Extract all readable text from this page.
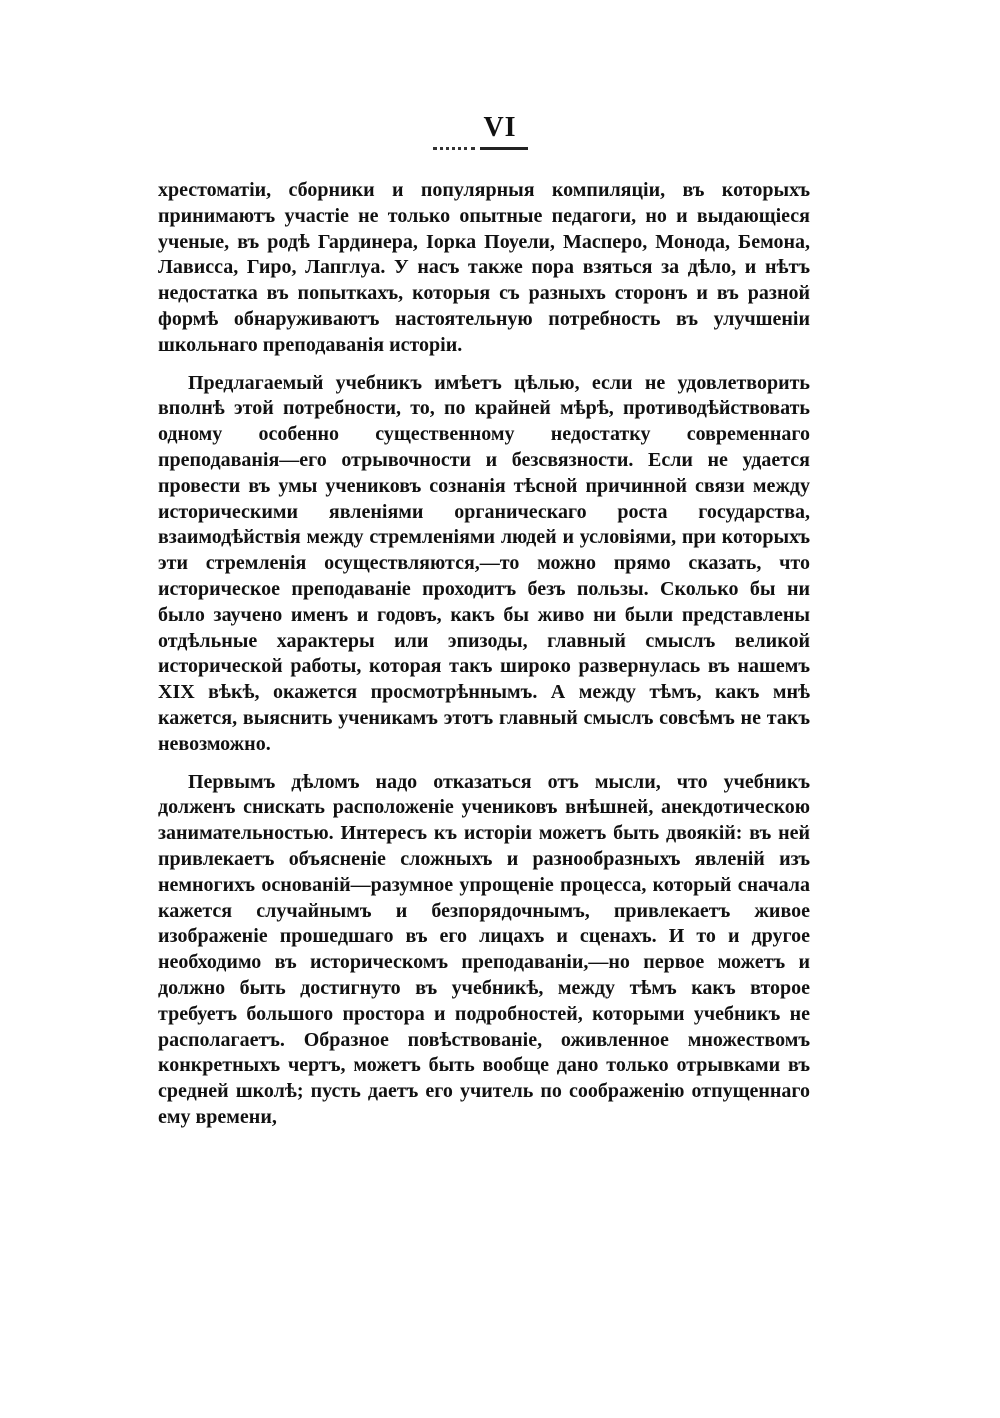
VI

хрестоматіи, сборники и популярныя компиляціи, въ которыхъ принимаютъ участіе не только опытные педагоги, но и выдающіеся ученые, въ родѣ Гардинера, Іорка Поуели, Масперо, Монода, Бемона, Лависса, Гиро, Лапглуа. У насъ также пора взяться за дѣло, и нѣтъ недостатка въ попыткахъ, которыя съ разныхъ сторонъ и въ разной формѣ обнаруживаютъ настоятельную потребность въ улучшеніи школьнаго преподаванія исторіи.

Предлагаемый учебникъ имѣетъ цѣлью, если не удовлетворить вполнѣ этой потребности, то, по крайней мѣрѣ, противодѣйствовать одному особенно существенному недостатку современнаго преподаванія—его отрывочности и безсвязности. Если не удается провести въ умы учениковъ сознанія тѣсной причинной связи между историческими явленіями органическаго роста государства, взаимодѣйствія между стремленіями людей и условіями, при которыхъ эти стремленія осуществляются,—то можно прямо сказать, что историческое преподаваніе проходитъ безъ пользы. Сколько бы ни было заучено именъ и годовъ, какъ бы живо ни были представлены отдѣльные характеры или эпизоды, главный смыслъ великой исторической работы, которая такъ широко развернулась въ нашемъ XIX вѣкѣ, окажется просмотрѣннымъ. А между тѣмъ, какъ мнѣ кажется, выяснить ученикамъ этотъ главный смыслъ совсѣмъ не такъ невозможно.

Первымъ дѣломъ надо отказаться отъ мысли, что учебникъ долженъ снискать расположеніе учениковъ внѣшней, анекдотическою занимательностью. Интересъ къ исторіи можетъ быть двоякій: въ ней привлекаетъ объясненіе сложныхъ и разнообразныхъ явленій изъ немногихъ основаній—разумное упрощеніе процесса, который сначала кажется случайнымъ и безпорядочнымъ, привлекаетъ живое изображеніе прошедшаго въ его лицахъ и сценахъ. И то и другое необходимо въ историческомъ преподаваніи,—но первое можетъ и должно быть достигнуто въ учебникѣ, между тѣмъ какъ второе требуетъ большого простора и подробностей, которыми учебникъ не располагаетъ. Образное повѣствованіе, оживленное множествомъ конкретныхъ чертъ, можетъ быть вообще дано только отрывками въ средней школѣ; пусть даетъ его учитель по соображенію отпущеннаго ему времени,
